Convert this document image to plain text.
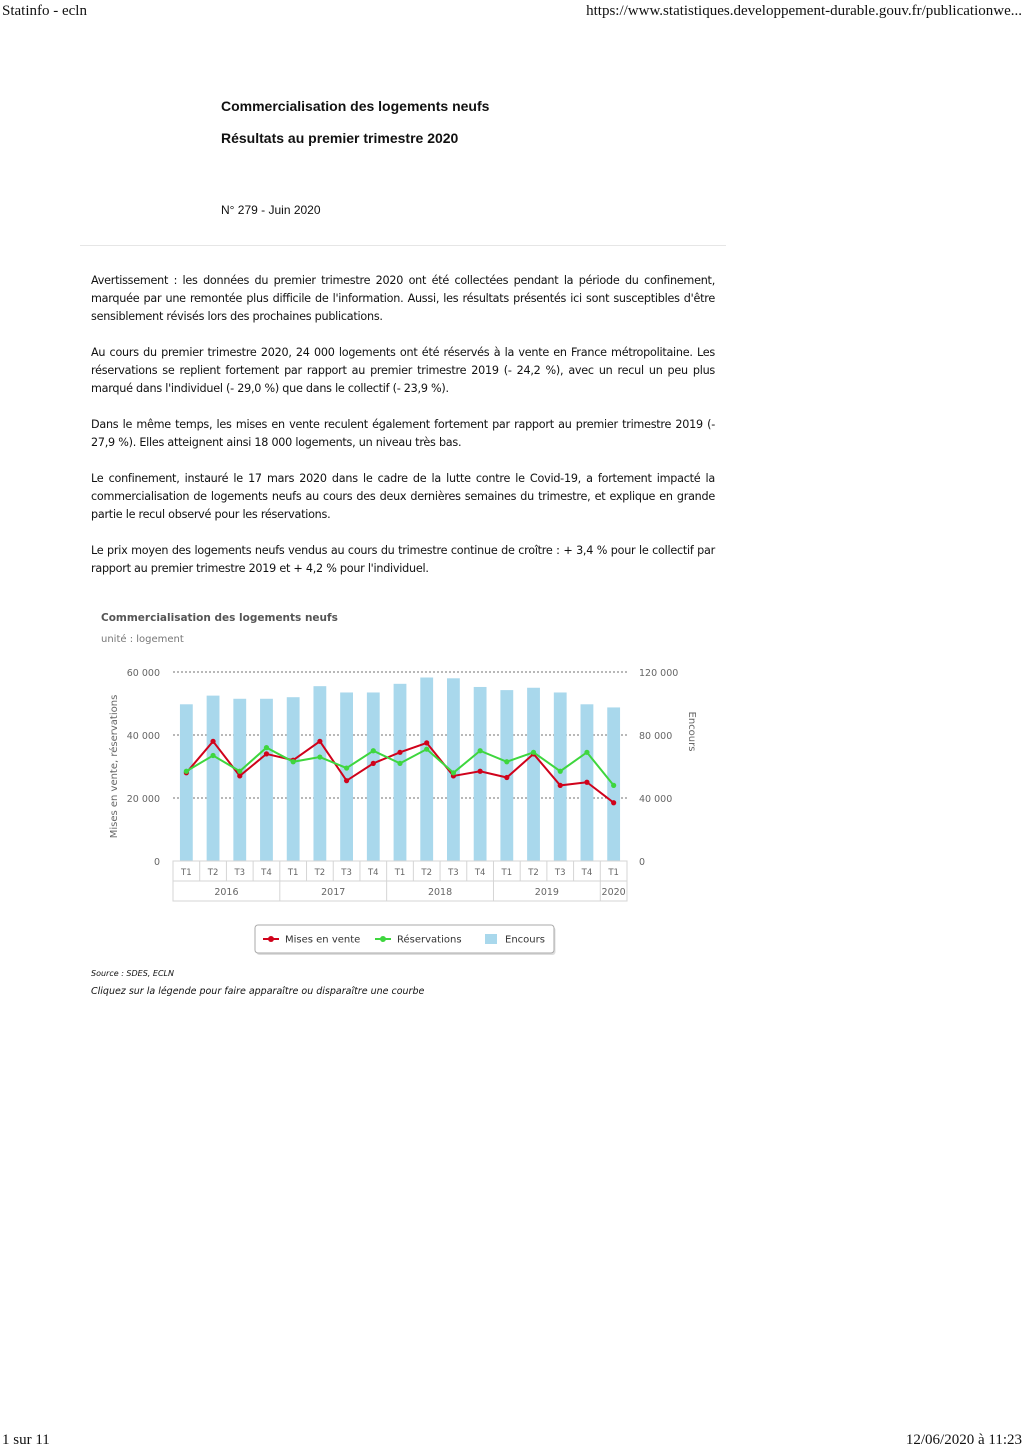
Statinfo - ecln	https://www.statistiques.developpement-durable.gouv.fr/publicationwe...
Commercialisation des logements neufs
Résultats au premier trimestre 2020
N° 279 - Juin 2020
Avertissement : les données du premier trimestre 2020 ont été collectées pendant la période du confinement, marquée par une remontée plus difficile de l'information. Aussi, les résultats présentés ici sont susceptibles d'être sensiblement révisés lors des prochaines publications.
Au cours du premier trimestre 2020, 24 000 logements ont été réservés à la vente en France métropolitaine. Les réservations se replient fortement par rapport au premier trimestre 2019 (- 24,2 %), avec un recul un peu plus marqué dans l'individuel (- 29,0 %) que dans le collectif (- 23,9 %).
Dans le même temps, les mises en vente reculent également fortement par rapport au premier trimestre 2019 (- 27,9 %). Elles atteignent ainsi 18 000 logements, un niveau très bas.
Le confinement, instauré le 17 mars 2020 dans le cadre de la lutte contre le Covid-19, a fortement impacté la commercialisation de logements neufs au cours des deux dernières semaines du trimestre, et explique en grande partie le recul observé pour les réservations.
Le prix moyen des logements neufs vendus au cours du trimestre continue de croître : + 3,4 % pour le collectif par rapport au premier trimestre 2019 et + 4,2 % pour l'individuel.
Commercialisation des logements neufs
unité : logement
0	0
20 000	40 000
40 000	80 000
60 000	120 000
Mises en vente, réservations	Encours
T1 T2 T3 T4 T1 T2 T3 T4 T1 T2 T3 T4 T1 T2 T3 T4 T1
2016	2017	2018	2019	2020
Mises en vente	Réservations	Encours
Source : SDES, ECLN
Cliquez sur la légende pour faire apparaître ou disparaître une courbe
1 sur 11	12/06/2020 à 11:23
